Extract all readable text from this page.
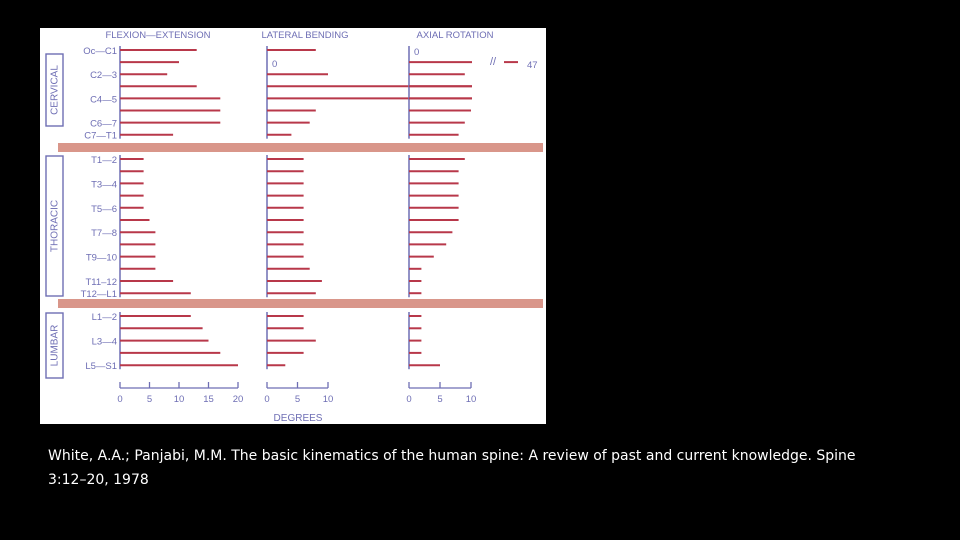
CERVICAL
THORACIC
LUMBAR
Oc—C1
C2—3
C4—5
C6—7
C7—T1
T1—2
T3—4
T5—6
T7—8
T9—10
T11–12
T12—L1
L1—2
L3—4
L5—S1
FLEXION—EXTENSION
0	5 10 15 20
LATERAL BENDING
0
0	5 10
AXIAL ROTATION
0
//	47
0	5 10
DEGREES
White, A.A.; Panjabi, M.M. The basic kinematics of the human spine: A review of past and current knowledge. Spine
3:12–20, 1978
